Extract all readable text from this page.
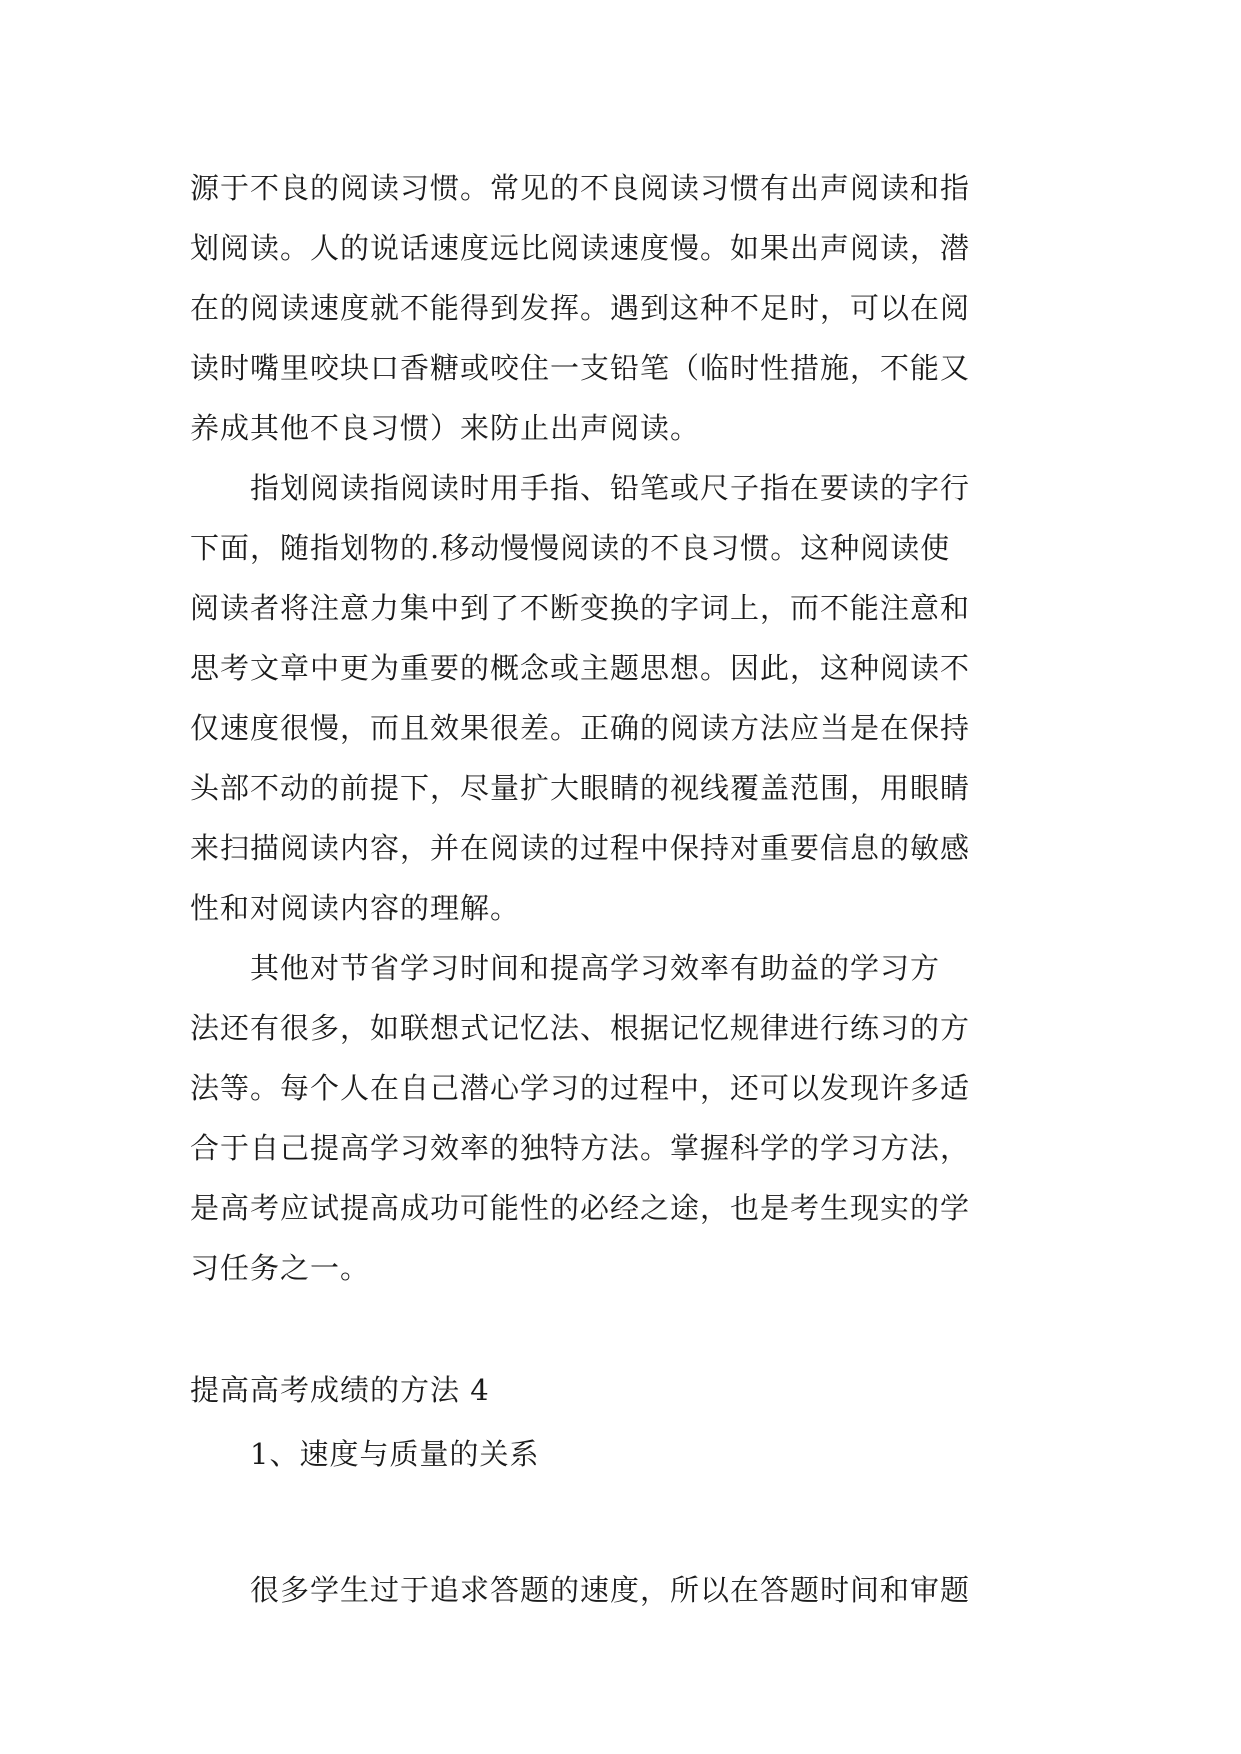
源于不良的阅读习惯。常见的不良阅读习惯有出声阅读和指
划阅读。人的说话速度远比阅读速度慢。如果出声阅读，潜
在的阅读速度就不能得到发挥。遇到这种不足时，可以在阅
读时嘴里咬块口香糖或咬住一支铅笔（临时性措施，不能又
养成其他不良习惯）来防止出声阅读。
　　指划阅读指阅读时用手指、铅笔或尺子指在要读的字行
下面，随指划物的.移动慢慢阅读的不良习惯。这种阅读使
阅读者将注意力集中到了不断变换的字词上，而不能注意和
思考文章中更为重要的概念或主题思想。因此，这种阅读不
仅速度很慢，而且效果很差。正确的阅读方法应当是在保持
头部不动的前提下，尽量扩大眼睛的视线覆盖范围，用眼睛
来扫描阅读内容，并在阅读的过程中保持对重要信息的敏感
性和对阅读内容的理解。
　　其他对节省学习时间和提高学习效率有助益的学习方
法还有很多，如联想式记忆法、根据记忆规律进行练习的方
法等。每个人在自己潜心学习的过程中，还可以发现许多适
合于自己提高学习效率的独特方法。掌握科学的学习方法，
是高考应试提高成功可能性的必经之途，也是考生现实的学
习任务之一。
提高高考成绩的方法 4
　　1、速度与质量的关系
　　很多学生过于追求答题的速度，所以在答题时间和审题
